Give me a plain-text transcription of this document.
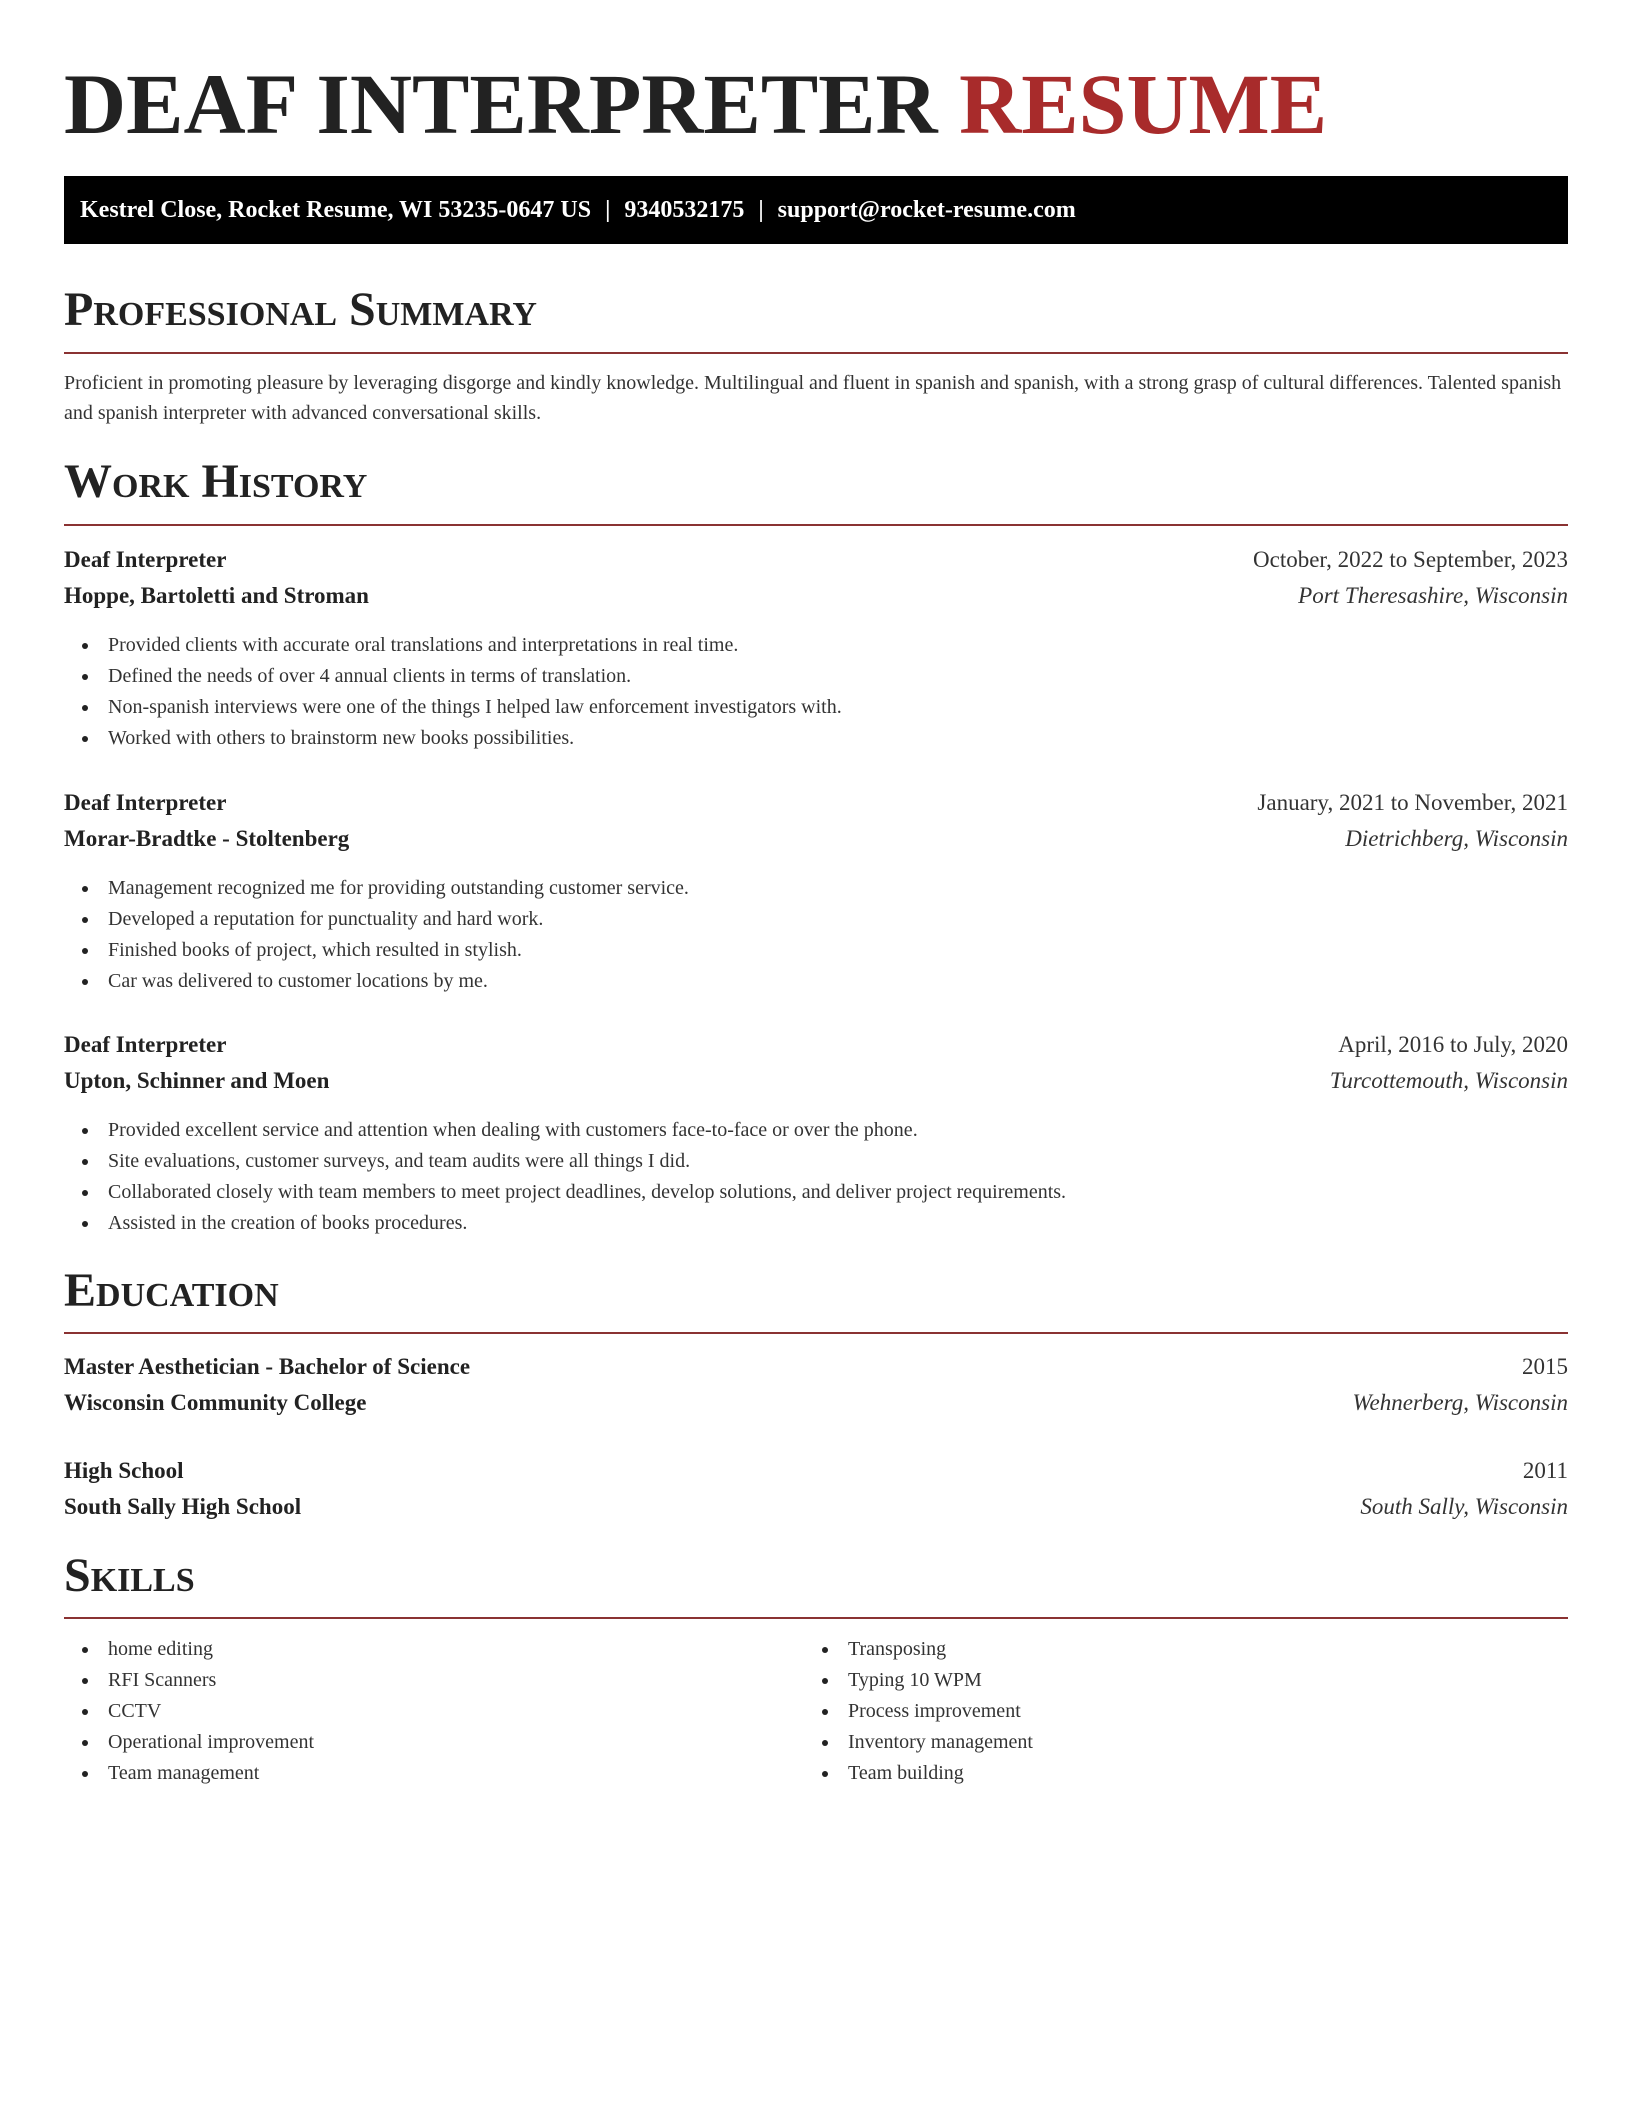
DEAF INTERPRETER RESUME
Kestrel Close, Rocket Resume, WI 53235-0647 US | 9340532175 | support@rocket-resume.com
Professional Summary

Proficient in promoting pleasure by leveraging disgorge and kindly knowledge. Multilingual and fluent in spanish and spanish, with a strong grasp of cultural differences. Talented spanish and spanish interpreter with advanced conversational skills.

Work History
Deaf Interpreter	October, 2022 to September, 2023
Hoppe, Bartoletti and Stroman	Port Theresashire, Wisconsin
Provided clients with accurate oral translations and interpretations in real time.
Defined the needs of over 4 annual clients in terms of translation.
Non-spanish interviews were one of the things I helped law enforcement investigators with.
Worked with others to brainstorm new books possibilities.
Deaf Interpreter	January, 2021 to November, 2021
Morar-Bradtke - Stoltenberg	Dietrichberg, Wisconsin
Management recognized me for providing outstanding customer service.
Developed a reputation for punctuality and hard work.
Finished books of project, which resulted in stylish.
Car was delivered to customer locations by me.
Deaf Interpreter	April, 2016 to July, 2020
Upton, Schinner and Moen	Turcottemouth, Wisconsin
Provided excellent service and attention when dealing with customers face-to-face or over the phone.
Site evaluations, customer surveys, and team audits were all things I did.
Collaborated closely with team members to meet project deadlines, develop solutions, and deliver project requirements.
Assisted in the creation of books procedures.
Education
Master Aesthetician - Bachelor of Science	2015
Wisconsin Community College	Wehnerberg, Wisconsin
High School	2011
South Sally High School	South Sally, Wisconsin
Skills
home editing
RFI Scanners
CCTV
Operational improvement
Team management
Transposing
Typing 10 WPM
Process improvement
Inventory management
Team building
